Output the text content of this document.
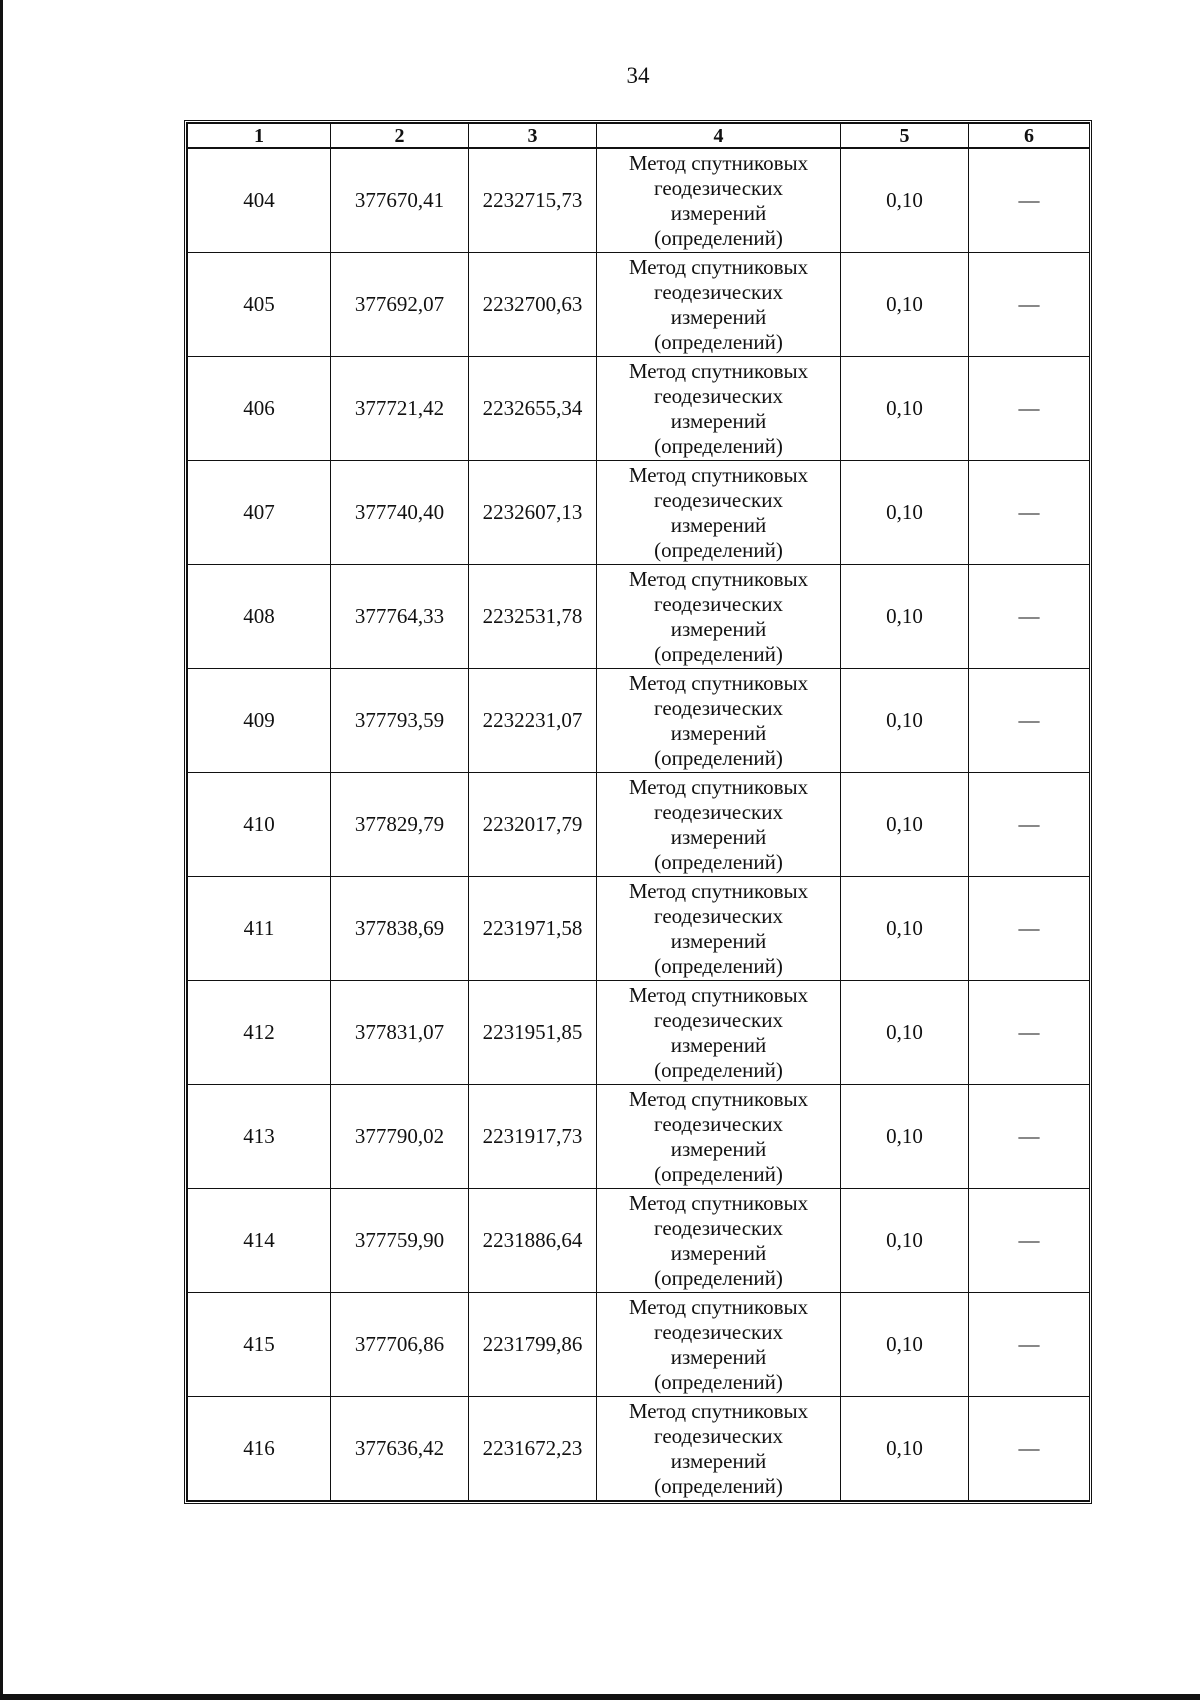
34
1	2	3	4	5	6
404	377670,41	2232715,73	Метод спутниковых
геодезических
измерений
(определений)	0,10	—
405	377692,07	2232700,63	Метод спутниковых
геодезических
измерений
(определений)	0,10	—
406	377721,42	2232655,34	Метод спутниковых
геодезических
измерений
(определений)	0,10	—
407	377740,40	2232607,13	Метод спутниковых
геодезических
измерений
(определений)	0,10	—
408	377764,33	2232531,78	Метод спутниковых
геодезических
измерений
(определений)	0,10	—
409	377793,59	2232231,07	Метод спутниковых
геодезических
измерений
(определений)	0,10	—
410	377829,79	2232017,79	Метод спутниковых
геодезических
измерений
(определений)	0,10	—
411	377838,69	2231971,58	Метод спутниковых
геодезических
измерений
(определений)	0,10	—
412	377831,07	2231951,85	Метод спутниковых
геодезических
измерений
(определений)	0,10	—
413	377790,02	2231917,73	Метод спутниковых
геодезических
измерений
(определений)	0,10	—
414	377759,90	2231886,64	Метод спутниковых
геодезических
измерений
(определений)	0,10	—
415	377706,86	2231799,86	Метод спутниковых
геодезических
измерений
(определений)	0,10	—
416	377636,42	2231672,23	Метод спутниковых
геодезических
измерений
(определений)	0,10	—
